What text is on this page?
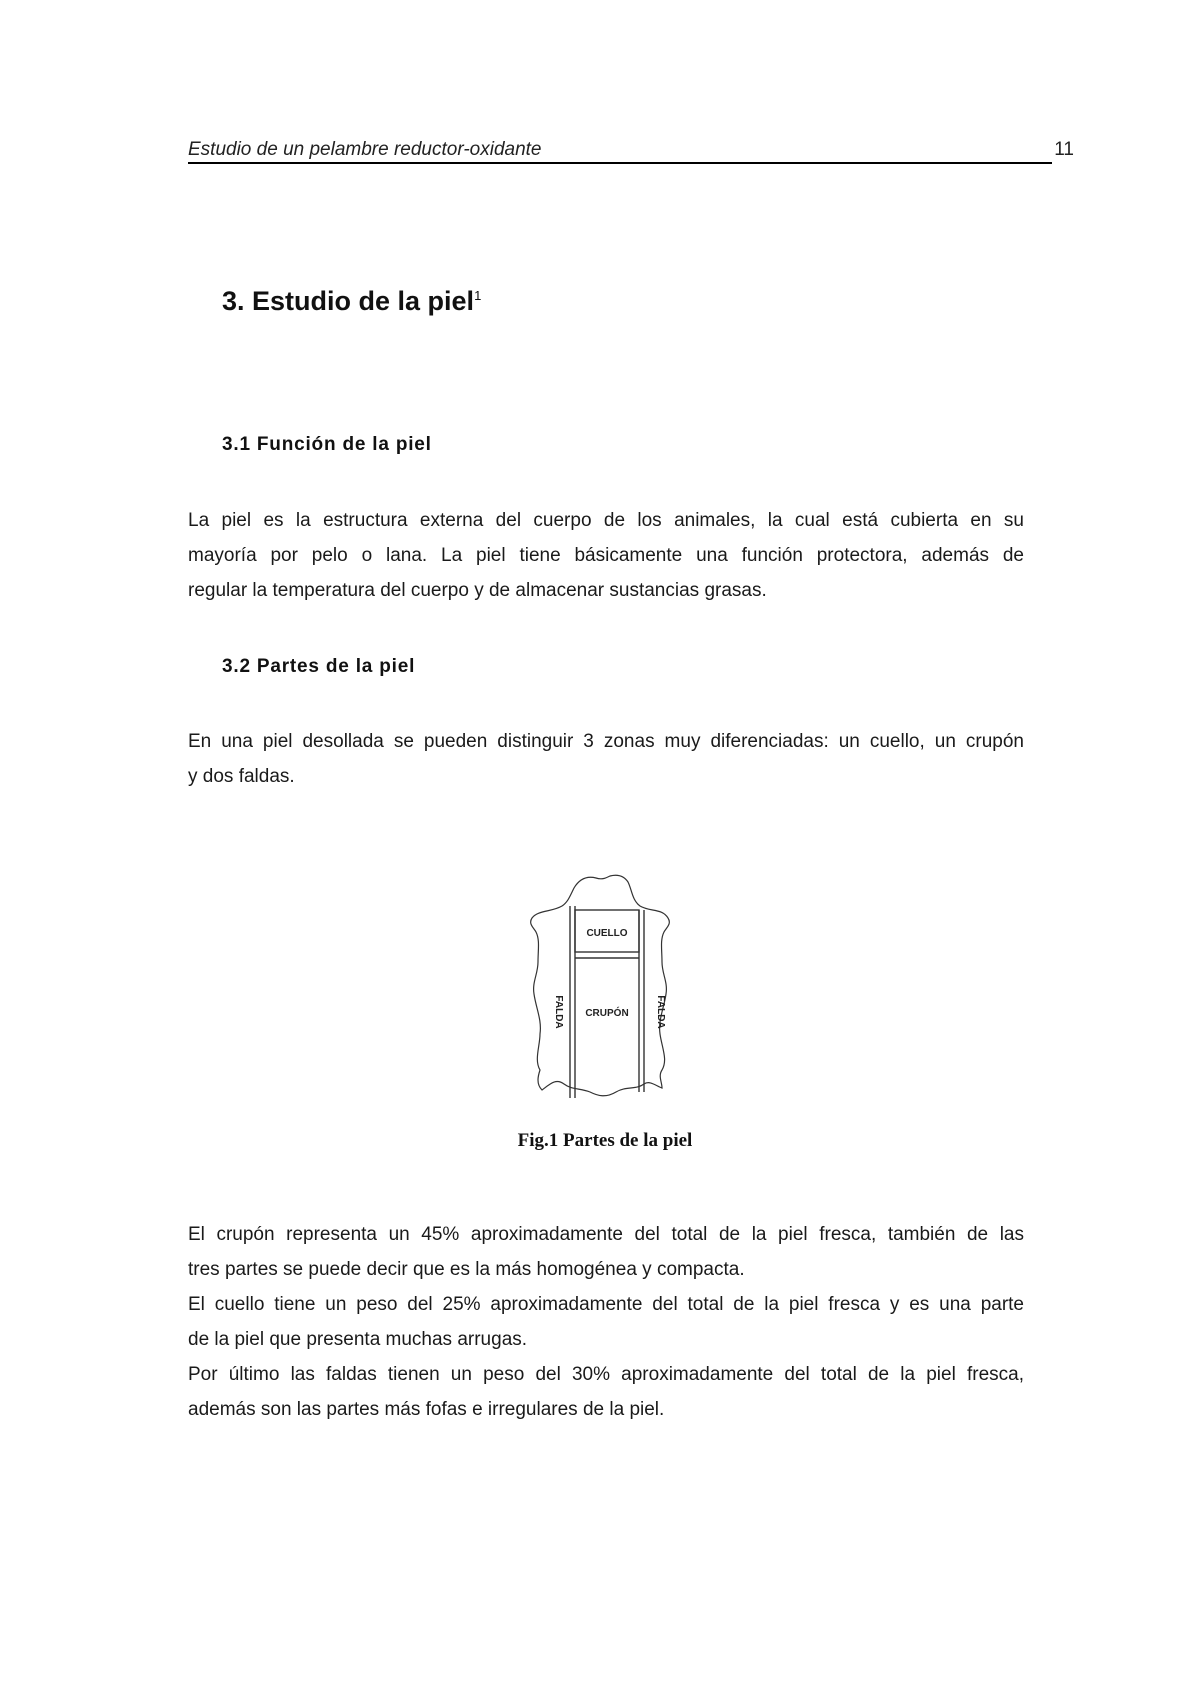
Estudio de un pelambre reductor-oxidante	11
3. Estudio de la piel$^1$
3.1 Función de la piel

La piel es la estructura externa del cuerpo de los animales, la cual está cubierta en su
mayoría por pelo o lana. La piel tiene básicamente una función protectora, además de
regular la temperatura del cuerpo y de almacenar sustancias grasas.

3.2 Partes de la piel

En una piel desollada se pueden distinguir 3 zonas muy diferenciadas: un cuello, un crupón
y dos faldas.

CUELLO
CRUPÓN
FALDA	FALDA
Fig.1 Partes de la piel

El crupón representa un 45% aproximadamente del total de la piel fresca, también de las
tres partes se puede decir que es la más homogénea y compacta.
El cuello tiene un peso del 25% aproximadamente del total de la piel fresca y es una parte
de la piel que presenta muchas arrugas.
Por último las faldas tienen un peso del 30% aproximadamente del total de la piel fresca,
además son las partes más fofas e irregulares de la piel.
